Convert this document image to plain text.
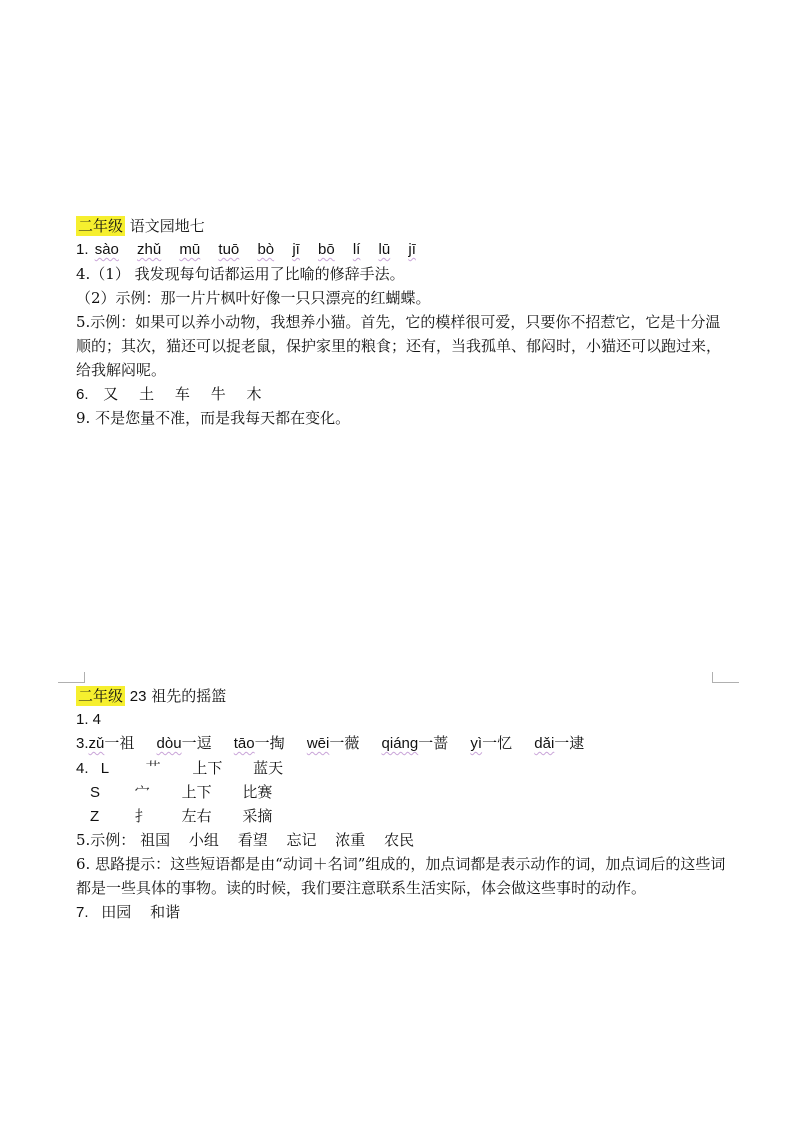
二年级 语文园地七
1. sào zhǔ mū tuō bò jī bō lí lū jī
4.（1） 我发现每句话都运用了比喻的修辞手法。
（2）示例：那一片片枫叶好像一只只漂亮的红蝴蝶。
5.示例：如果可以养小动物，我想养小猫。首先，它的模样很可爱，只要你不招惹它，它是十分温顺的；其次，猫还可以捉老鼠，保护家里的粮食；还有，当我孤单、郁闷时，小猫还可以跑过来，给我解闷呢。
6. 又 土 车 牛 木
9. 不是您量不准，而是我每天都在变化。
二年级 23 祖先的摇篮
1. 4
3.zǔ一祖 dòu一逗 tāo一掏 wēi一薇 qiáng一蔷 yì一忆 dǎi一逮
4. L 艹 上下 蓝天
S 宀 上下 比赛
Z 扌 左右 采摘
5.示例： 祖国 小组 看望 忘记 浓重 农民
6. 思路提示：这些短语都是由“动词＋名词”组成的，加点词都是表示动作的词，加点词后的这些词都是一些具体的事物。读的时候，我们要注意联系生活实际，体会做这些事时的动作。
7. 田园 和谐
